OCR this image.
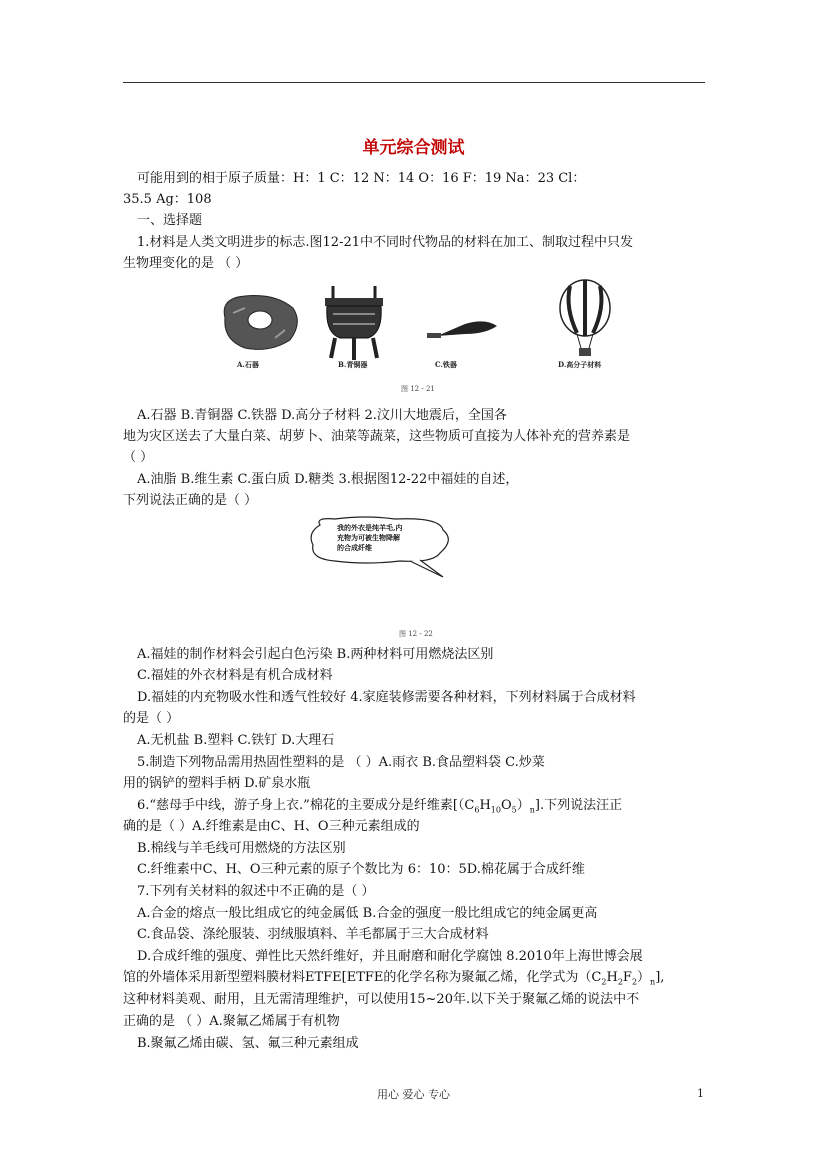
单元综合测试
可能用到的相于原子质量：H：1 C：12 N：14 O：16 F：19 Na：23 Cl：
35.5 Ag：108
一、选择题
1.材料是人类文明进步的标志.图12-21中不同时代物品的材料在加工、制取过程中只发
生物理变化的是 （ ）
A.石器	B.青铜器	C.铁器	D.高分子材料
图 12 - 21
A.石器 B.青铜器 C.铁器 D.高分子材料 2.汶川大地震后，全国各
地为灾区送去了大量白菜、胡萝卜、油菜等蔬菜，这些物质可直接为人体补充的营养素是
（ ）
A.油脂 B.维生素 C.蛋白质 D.糖类 3.根据图12-22中福娃的自述，
下列说法正确的是（ ）
我的外衣是纯羊毛,内
充物为可被生物降解
的合成纤维
图 12 - 22
A.福娃的制作材料会引起白色污染 B.两种材料可用燃烧法区别
C.福娃的外衣材料是有机合成材料
D.福娃的内充物吸水性和透气性较好 4.家庭装修需要各种材料，下列材料属于合成材料
的是（ ）
A.无机盐 B.塑料 C.铁钉 D.大理石
5.制造下列物品需用热固性塑料的是 （ ）A.雨衣 B.食品塑料袋 C.炒菜
用的锅铲的塑料手柄 D.矿泉水瓶
6.“慈母手中线，游子身上衣.”棉花的主要成分是纤维素$[(C_6H_{10}O_5)_n]$.下列说法汪正
确的是（ ）A.纤维素是由C、H、O三种元素组成的
B.棉线与羊毛线可用燃烧的方法区别
C.纤维素中C、H、O三种元素的原子个数比为 6：10：5D.棉花属于合成纤维
7.下列有关材料的叙述中不正确的是（ ）
A.合金的熔点一般比组成它的纯金属低 B.合金的强度一般比组成它的纯金属更高
C.食品袋、涤纶服装、羽绒服填料、羊毛都属于三大合成材料
D.合成纤维的强度、弹性比天然纤维好，并且耐磨和耐化学腐蚀 8.2010年上海世博会展
馆的外墙体采用新型塑料膜材料ETFE[ETFE的化学名称为聚氟乙烯，化学式为$(C_2H_2F_2)_n$],
这种材料美观、耐用，且无需清理维护，可以使用15~20年.以下关于聚氟乙烯的说法中不
正确的是 （ ）A.聚氟乙烯属于有机物
B.聚氟乙烯由碳、氢、氟三种元素组成
用心 爱心 专心	1
